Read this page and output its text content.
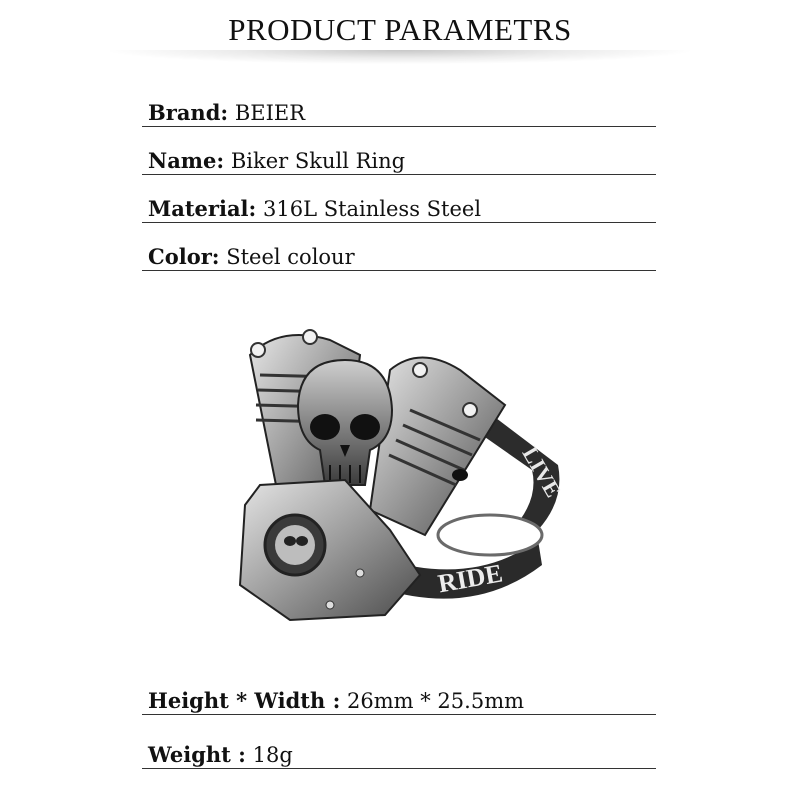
PRODUCT PARAMETRS
Brand: BEIER
Name: Biker Skull Ring
Material: 316L Stainless Steel
Color: Steel colour
LIVE
RIDE
Height * Width : 26mm * 25.5mm
Weight : 18g
